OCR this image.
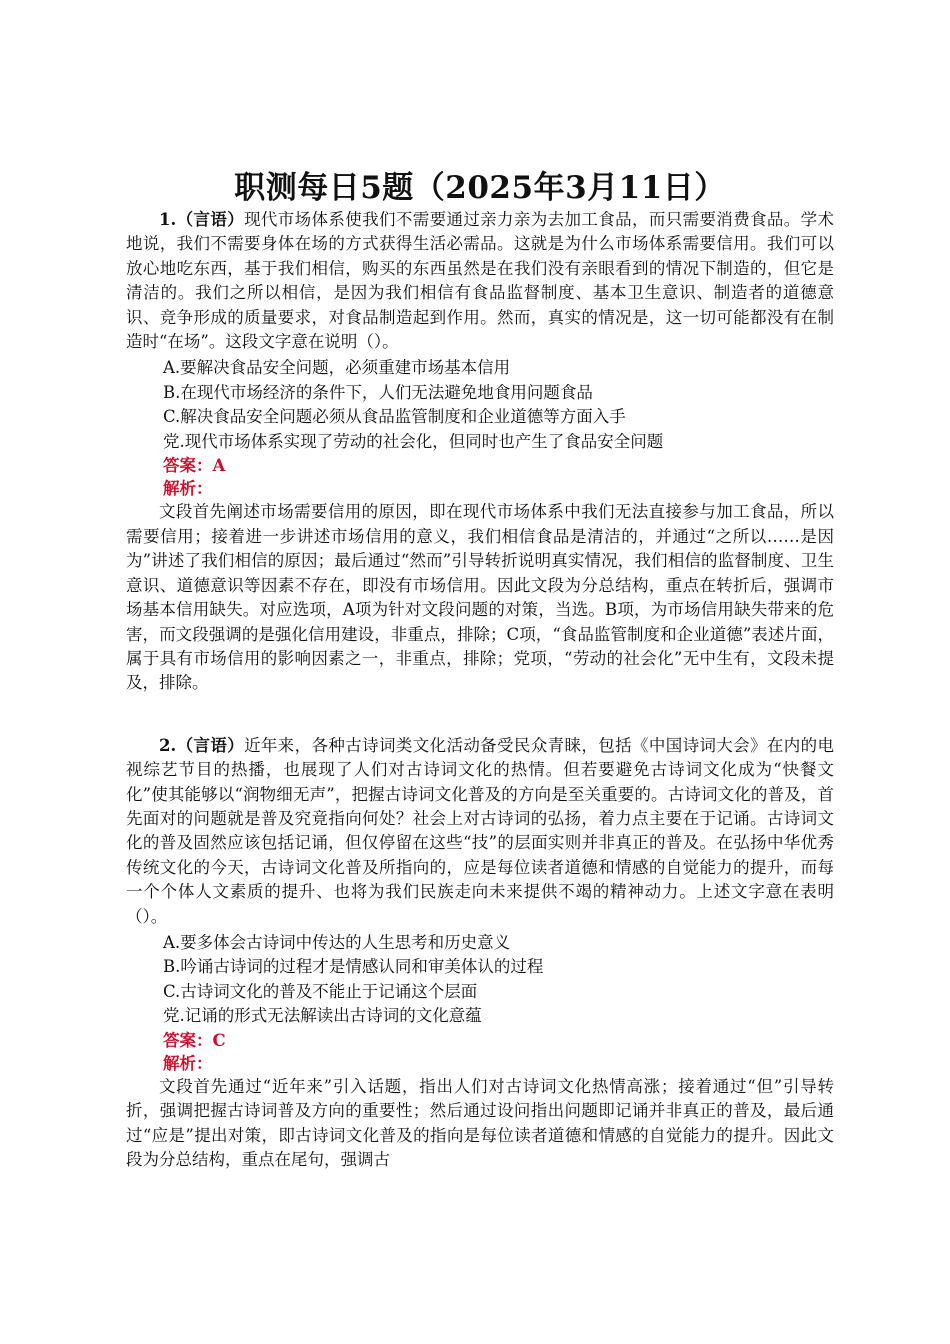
职测每日5题（2025年3月11日）

1.（言语）现代市场体系使我们不需要通过亲力亲为去加工食品，而只需要消费食品。学术地说，我们不需要身体在场的方式获得生活必需品。这就是为什么市场体系需要信用。我们可以放心地吃东西，基于我们相信，购买的东西虽然是在我们没有亲眼看到的情况下制造的，但它是清洁的。我们之所以相信，是因为我们相信有食品监督制度、基本卫生意识、制造者的道德意识、竞争形成的质量要求，对食品制造起到作用。然而，真实的情况是，这一切可能都没有在制造时“在场”。这段文字意在说明（）。

A.要解决食品安全问题，必须重建市场基本信用

B.在现代市场经济的条件下，人们无法避免地食用问题食品

C.解决食品安全问题必须从食品监管制度和企业道德等方面入手

党.现代市场体系实现了劳动的社会化，但同时也产生了食品安全问题

答案：A

解析：

文段首先阐述市场需要信用的原因，即在现代市场体系中我们无法直接参与加工食品，所以需要信用；接着进一步讲述市场信用的意义，我们相信食品是清洁的，并通过“之所以……是因为”讲述了我们相信的原因；最后通过“然而”引导转折说明真实情况，我们相信的监督制度、卫生意识、道德意识等因素不存在，即没有市场信用。因此文段为分总结构，重点在转折后，强调市场基本信用缺失。对应选项，A项为针对文段问题的对策，当选。B项，为市场信用缺失带来的危害，而文段强调的是强化信用建设，非重点，排除；C项，“食品监管制度和企业道德”表述片面，属于具有市场信用的影响因素之一，非重点，排除；党项，“劳动的社会化”无中生有，文段未提及，排除。

2.（言语）近年来，各种古诗词类文化活动备受民众青睐，包括《中国诗词大会》在内的电视综艺节目的热播，也展现了人们对古诗词文化的热情。但若要避免古诗词文化成为“快餐文化”使其能够以“润物细无声”，把握古诗词文化普及的方向是至关重要的。古诗词文化的普及，首先面对的问题就是普及究竟指向何处？社会上对古诗词的弘扬，着力点主要在于记诵。古诗词文化的普及固然应该包括记诵，但仅停留在这些“技”的层面实则并非真正的普及。在弘扬中华优秀传统文化的今天，古诗词文化普及所指向的，应是每位读者道德和情感的自觉能力的提升，而每一个个体人文素质的提升、也将为我们民族走向未来提供不竭的精神动力。上述文字意在表明（）。

A.要多体会古诗词中传达的人生思考和历史意义

B.吟诵古诗词的过程才是情感认同和审美体认的过程

C.古诗词文化的普及不能止于记诵这个层面

党.记诵的形式无法解读出古诗词的文化意蕴

答案：C

解析：

文段首先通过“近年来”引入话题，指出人们对古诗词文化热情高涨；接着通过“但”引导转折，强调把握古诗词普及方向的重要性；然后通过设问指出问题即记诵并非真正的普及，最后通过“应是”提出对策，即古诗词文化普及的指向是每位读者道德和情感的自觉能力的提升。因此文段为分总结构，重点在尾句，强调古
